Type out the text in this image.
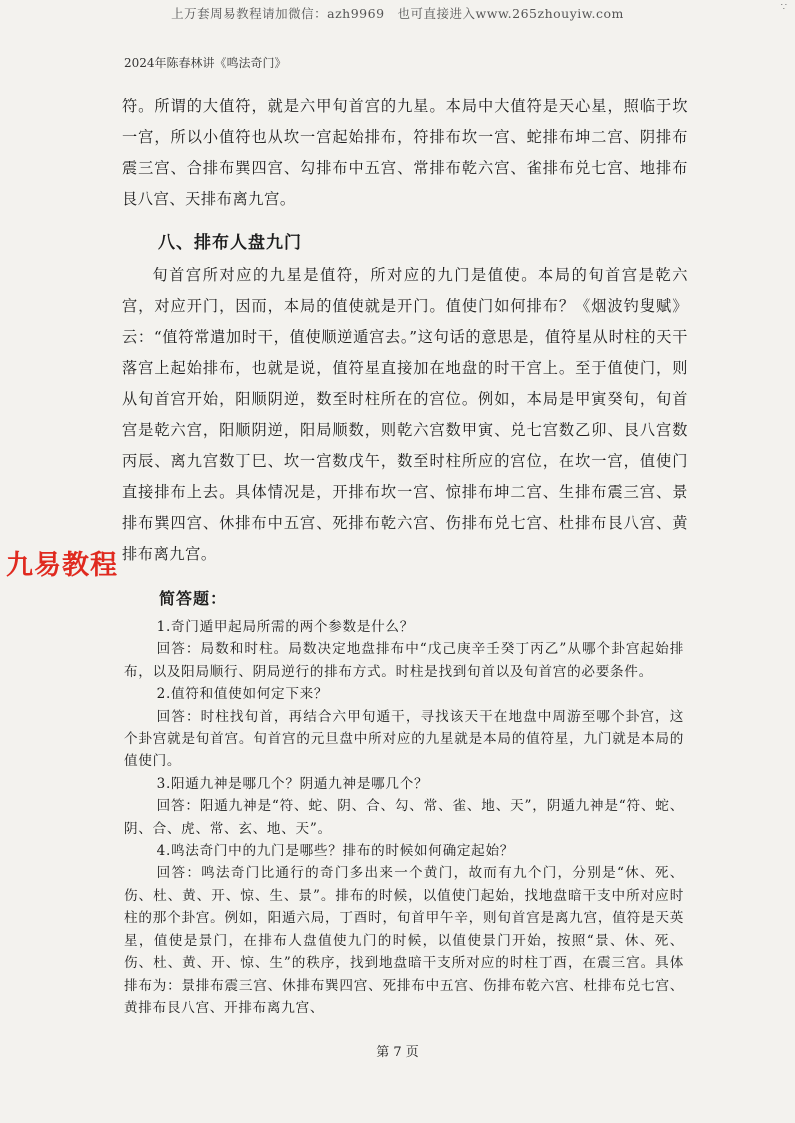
∵
上万套周易教程请加微信：azh9969　也可直接进入www.265zhouyiw.com
2024年陈春林讲《鸣法奇门》
符。所谓的大值符，就是六甲旬首宫的九星。本局中大值符是天心星，照临于坎一宫，所以小值符也从坎一宫起始排布，符排布坎一宫、蛇排布坤二宫、阴排布震三宫、合排布巽四宫、勾排布中五宫、常排布乾六宫、雀排布兑七宫、地排布艮八宫、天排布离九宫。
八、排布人盘九门
旬首宫所对应的九星是值符，所对应的九门是值使。本局的旬首宫是乾六宫，对应开门，因而，本局的值使就是开门。值使门如何排布？《烟波钓叟赋》云：“值符常遣加时干，值使顺逆遁宫去。”这句话的意思是，值符星从时柱的天干落宫上起始排布，也就是说，值符星直接加在地盘的时干宫上。至于值使门，则从旬首宫开始，阳顺阴逆，数至时柱所在的宫位。例如，本局是甲寅癸旬，旬首宫是乾六宫，阳顺阴逆，阳局顺数，则乾六宫数甲寅、兑七宫数乙卯、艮八宫数丙辰、离九宫数丁巳、坎一宫数戊午，数至时柱所应的宫位，在坎一宫，值使门直接排布上去。具体情况是，开排布坎一宫、惊排布坤二宫、生排布震三宫、景排布巽四宫、休排布中五宫、死排布乾六宫、伤排布兑七宫、杜排布艮八宫、黄排布离九宫。
九易教程
简答题：

1.奇门遁甲起局所需的两个参数是什么？

回答：局数和时柱。局数决定地盘排布中“戊己庚辛壬癸丁丙乙”从哪个卦宫起始排布，以及阳局顺行、阴局逆行的排布方式。时柱是找到旬首以及旬首宫的必要条件。

2.值符和值使如何定下来？

回答：时柱找旬首，再结合六甲旬遁干，寻找该天干在地盘中周游至哪个卦宫，这个卦宫就是旬首宫。旬首宫的元旦盘中所对应的九星就是本局的值符星，九门就是本局的值使门。

3.阳遁九神是哪几个？阴遁九神是哪几个？

回答：阳遁九神是“符、蛇、阴、合、勾、常、雀、地、天”，阴遁九神是“符、蛇、阴、合、虎、常、玄、地、天”。

4.鸣法奇门中的九门是哪些？排布的时候如何确定起始？

回答：鸣法奇门比通行的奇门多出来一个黄门，故而有九个门，分别是“休、死、伤、杜、黄、开、惊、生、景”。排布的时候，以值使门起始，找地盘暗干支中所对应时柱的那个卦宫。例如，阳遁六局，丁酉时，旬首甲午辛，则旬首宫是离九宫，值符是天英星，值使是景门，在排布人盘值使九门的时候，以值使景门开始，按照“景、休、死、伤、杜、黄、开、惊、生”的秩序，找到地盘暗干支所对应的时柱丁酉，在震三宫。具体排布为：景排布震三宫、休排布巽四宫、死排布中五宫、伤排布乾六宫、杜排布兑七宫、黄排布艮八宫、开排布离九宫、

第 7 页
